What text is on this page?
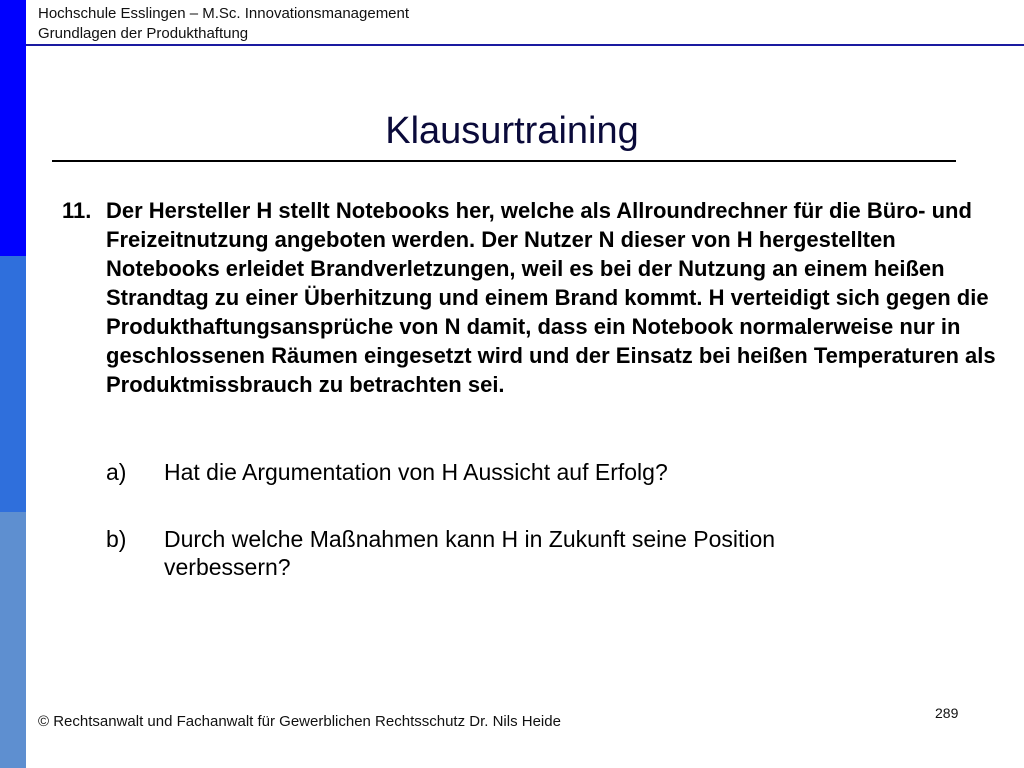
Hochschule Esslingen – M.Sc. Innovationsmanagement
Grundlagen der Produkthaftung
Klausurtraining
11. Der Hersteller H stellt Notebooks her, welche als Allroundrechner für die Büro- und Freizeitnutzung angeboten werden. Der Nutzer N dieser von H hergestellten Notebooks erleidet Brandverletzungen, weil es bei der Nutzung an einem heißen Strandtag zu einer Überhitzung und einem Brand kommt. H verteidigt sich gegen die Produkthaftungsansprüche von N damit, dass ein Notebook normalerweise nur in geschlossenen Räumen eingesetzt wird und der Einsatz bei heißen Temperaturen als Produktmissbrauch zu betrachten sei.
a) Hat die Argumentation von H Aussicht auf Erfolg?
b) Durch welche Maßnahmen kann H in Zukunft seine Position verbessern?
289
© Rechtsanwalt und Fachanwalt für Gewerblichen Rechtsschutz Dr. Nils Heide
